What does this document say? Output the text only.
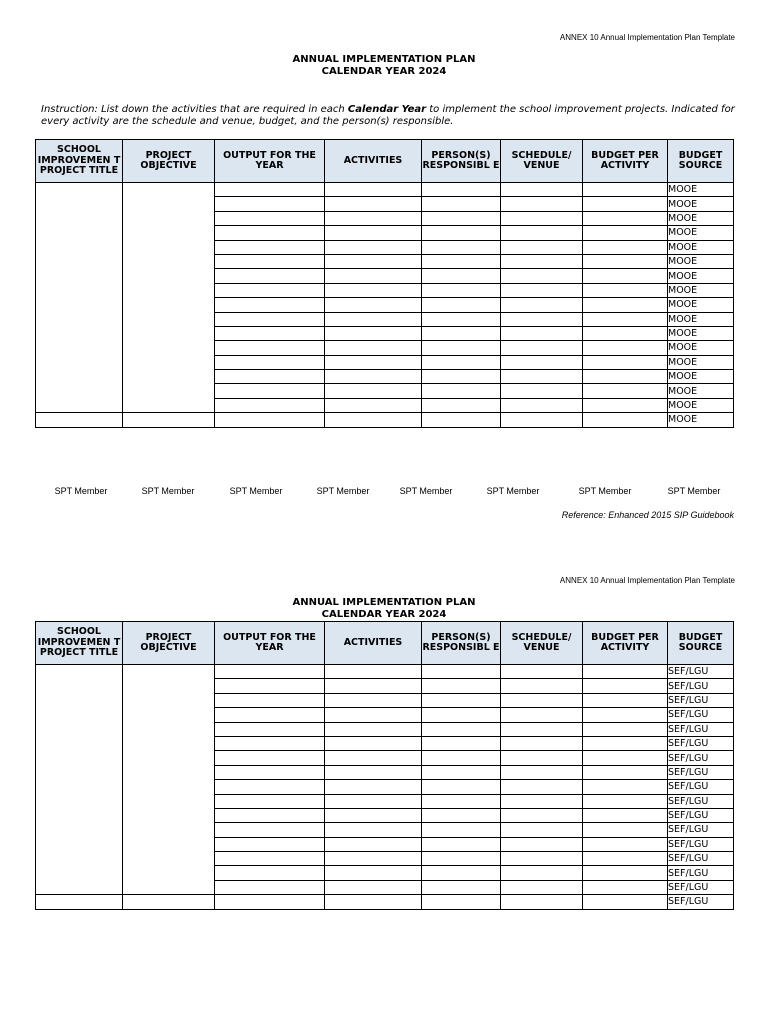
ANNEX 10 Annual Implementation Plan Template
ANNUAL IMPLEMENTATION PLAN
CALENDAR YEAR 2024
Instruction: List down the activities that are required in each Calendar Year to implement the school improvement projects. Indicated for every activity are the schedule and venue, budget, and the person(s) responsible.
SCHOOL IMPROVEMEN T PROJECT TITLE	PROJECT OBJECTIVE	OUTPUT FOR THE YEAR	ACTIVITIES	PERSON(S) RESPONSIBL E	SCHEDULE/ VENUE	BUDGET PER ACTIVITY	BUDGET SOURCE
							MOOE
							MOOE
							MOOE
							MOOE
							MOOE
							MOOE
							MOOE
							MOOE
							MOOE
							MOOE
							MOOE
							MOOE
							MOOE
							MOOE
							MOOE
							MOOE
							MOOE
SPT Member	SPT Member	SPT Member	SPT Member	SPT Member	SPT Member	SPT Member	SPT Member
Reference: Enhanced 2015 SIP Guidebook
ANNEX 10 Annual Implementation Plan Template
ANNUAL IMPLEMENTATION PLAN
CALENDAR YEAR 2024
SCHOOL IMPROVEMEN T PROJECT TITLE	PROJECT OBJECTIVE	OUTPUT FOR THE YEAR	ACTIVITIES	PERSON(S) RESPONSIBL E	SCHEDULE/ VENUE	BUDGET PER ACTIVITY	BUDGET SOURCE
							SEF/LGU
							SEF/LGU
							SEF/LGU
							SEF/LGU
							SEF/LGU
							SEF/LGU
							SEF/LGU
							SEF/LGU
							SEF/LGU
							SEF/LGU
							SEF/LGU
							SEF/LGU
							SEF/LGU
							SEF/LGU
							SEF/LGU
							SEF/LGU
							SEF/LGU
